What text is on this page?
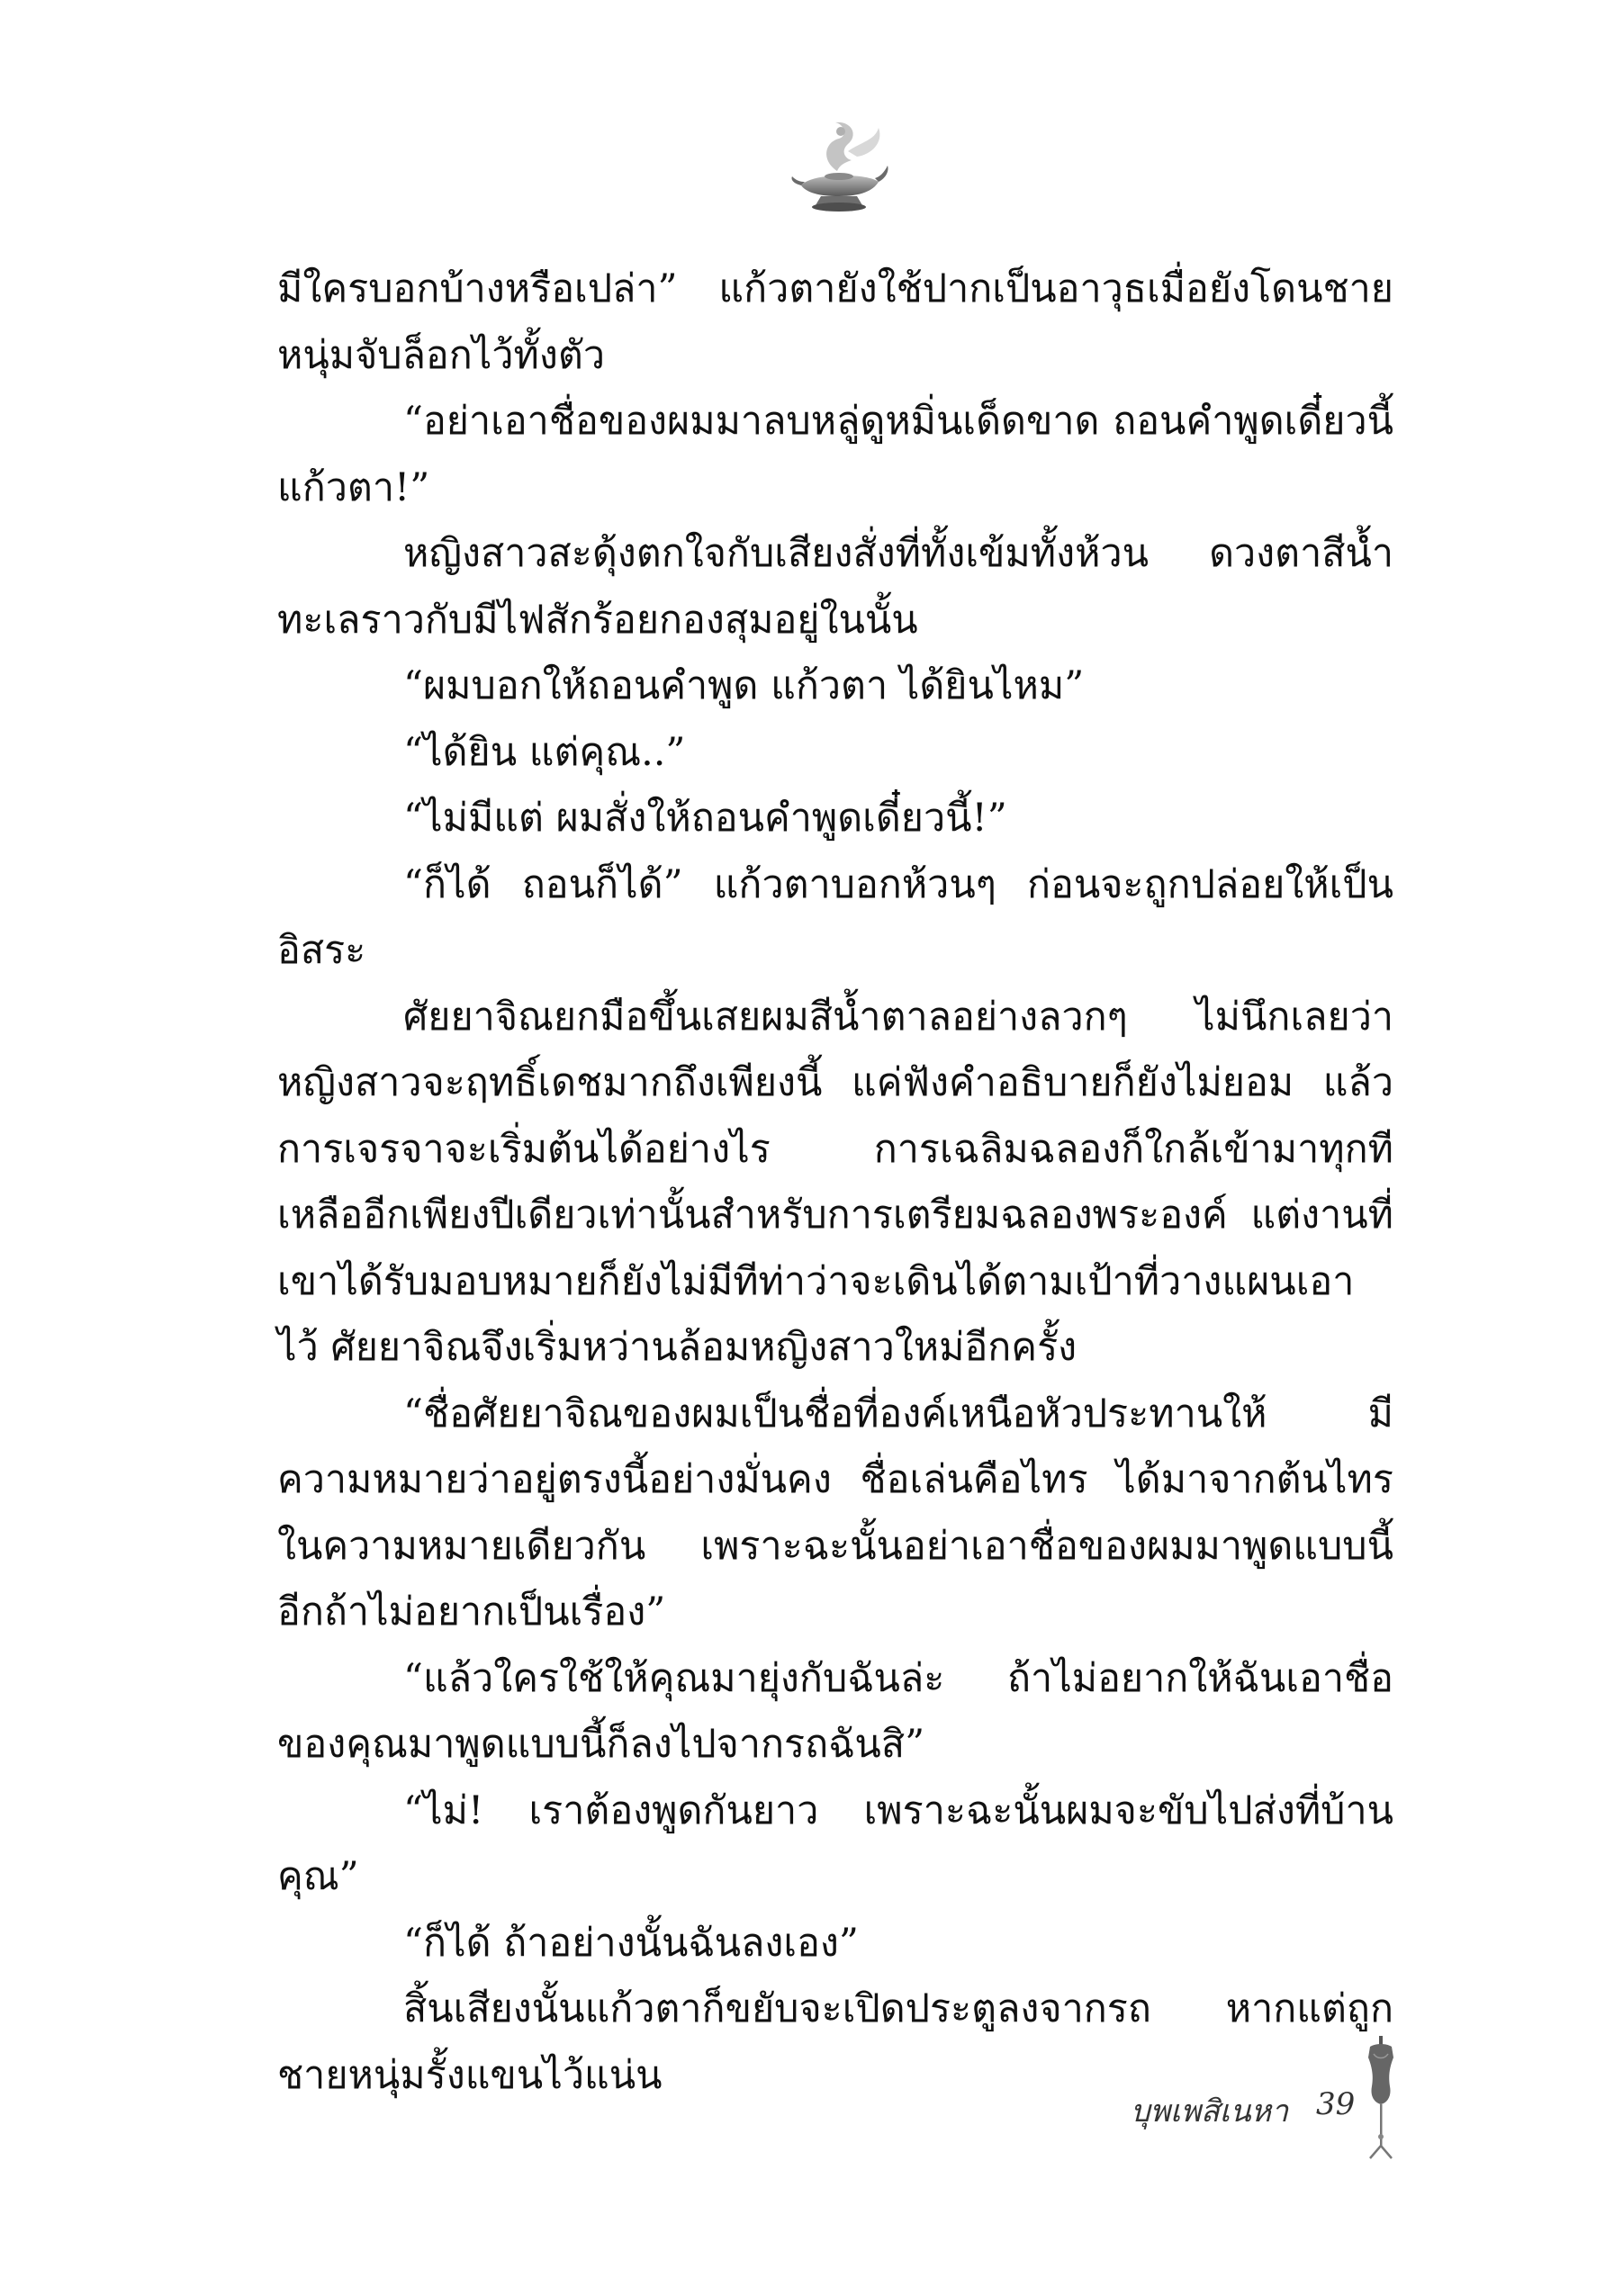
มีใครบอกบ้างหรือเปล่า” แก้วตายังใช้ปากเป็นอาวุธเมื่อยังโดนชายหนุ่มจับล็อกไว้ทั้งตัว

“อย่าเอาชื่อของผมมาลบหลู่ดูหมิ่นเด็ดขาด ถอนคำพูดเดี๋ยวนี้ แก้วตา!”

หญิงสาวสะดุ้งตกใจกับเสียงสั่งที่ทั้งเข้มทั้งห้วน ดวงตาสีน้ำทะเลราวกับมีไฟสักร้อยกองสุมอยู่ในนั้น

“ผมบอกให้ถอนคำพูด แก้วตา ได้ยินไหม”

“ได้ยิน แต่คุณ..”

“ไม่มีแต่ ผมสั่งให้ถอนคำพูดเดี๋ยวนี้!”

“ก็ได้ ถอนก็ได้” แก้วตาบอกห้วนๆ ก่อนจะถูกปล่อยให้เป็นอิสระ

ศัยยาจิณยกมือขึ้นเสยผมสีน้ำตาลอย่างลวกๆ ไม่นึกเลยว่าหญิงสาวจะฤทธิ์เดชมากถึงเพียงนี้ แค่ฟังคำอธิบายก็ยังไม่ยอม แล้วการเจรจาจะเริ่มต้นได้อย่างไร การเฉลิมฉลองก็ใกล้เข้ามาทุกที เหลืออีกเพียงปีเดียวเท่านั้นสำหรับการเตรียมฉลองพระองค์ แต่งานที่เขาได้รับมอบหมายก็ยังไม่มีทีท่าว่าจะเดินได้ตามเป้าที่วางแผนเอาไว้ ศัยยาจิณจึงเริ่มหว่านล้อมหญิงสาวใหม่อีกครั้ง

“ชื่อศัยยาจิณของผมเป็นชื่อที่องค์เหนือหัวประทานให้ มีความหมายว่าอยู่ตรงนี้อย่างมั่นคง ชื่อเล่นคือไทร ได้มาจากต้นไทรในความหมายเดียวกัน เพราะฉะนั้นอย่าเอาชื่อของผมมาพูดแบบนี้อีกถ้าไม่อยากเป็นเรื่อง”

“แล้วใครใช้ให้คุณมายุ่งกับฉันล่ะ ถ้าไม่อยากให้ฉันเอาชื่อของคุณมาพูดแบบนี้ก็ลงไปจากรถฉันสิ”

“ไม่! เราต้องพูดกันยาว เพราะฉะนั้นผมจะขับไปส่งที่บ้านคุณ”

“ก็ได้ ถ้าอย่างนั้นฉันลงเอง”

สิ้นเสียงนั้นแก้วตาก็ขยับจะเปิดประตูลงจากรถ หากแต่ถูกชายหนุ่มรั้งแขนไว้แน่น

บุพเพสิเนหา 39
